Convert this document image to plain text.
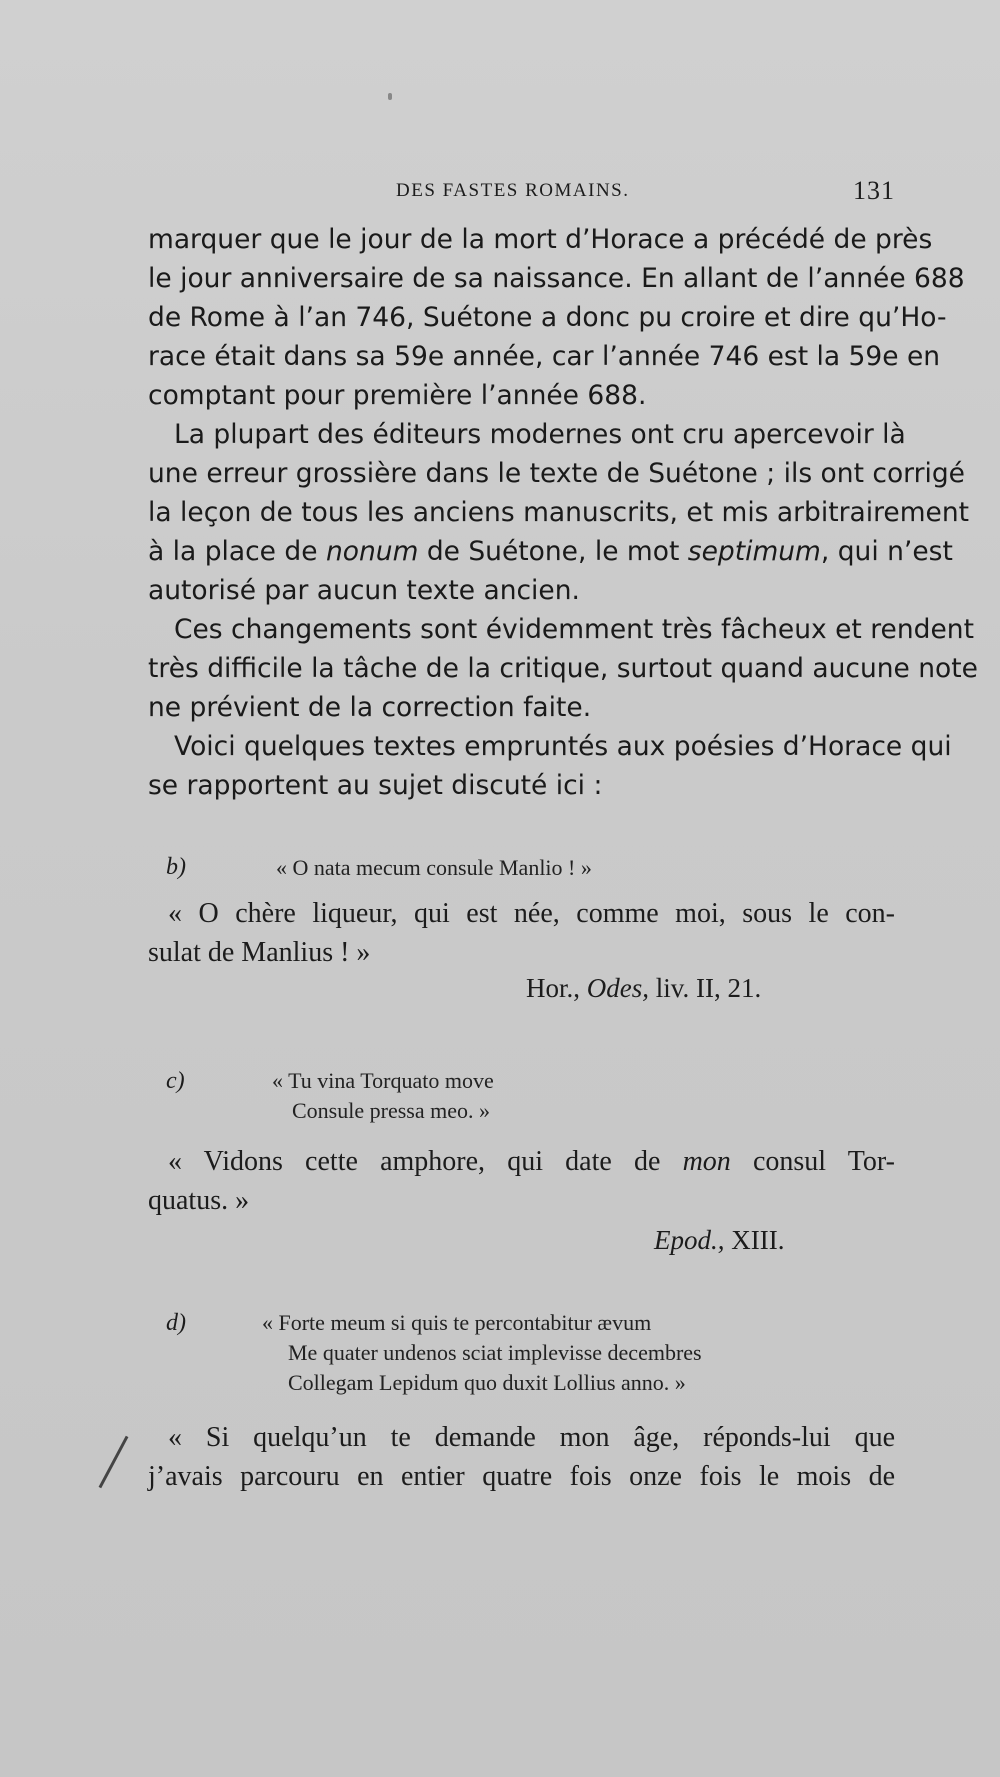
DES FASTES ROMAINS.	131

marquer que le jour de la mort d’Horace a précédé de près
le jour anniversaire de sa naissance. En allant de l’année 688
de Rome à l’an 746, Suétone a donc pu croire et dire qu’Ho-
race était dans sa 59e année, car l’année 746 est la 59e en
comptant pour première l’année 688.

La plupart des éditeurs modernes ont cru apercevoir là
une erreur grossière dans le texte de Suétone ; ils ont corrigé
la leçon de tous les anciens manuscrits, et mis arbitrairement
à la place de nonum de Suétone, le mot septimum, qui n’est
autorisé par aucun texte ancien.

Ces changements sont évidemment très fâcheux et rendent
très difficile la tâche de la critique, surtout quand aucune note
ne prévient de la correction faite.

Voici quelques textes empruntés aux poésies d’Horace qui
se rapportent au sujet discuté ici :

b)	« O nata mecum consule Manlio ! »
« O chère liqueur, qui est née, comme moi, sous le con-
sulat de Manlius ! »
Hor., Odes, liv. II, 21.
c)	« Tu vina Torquato move
Consule pressa meo. »
« Vidons cette amphore, qui date de mon consul Tor-
quatus. »
Epod., XIII.
d)	« Forte meum si quis te percontabitur ævum
Me quater undenos sciat implevisse decembres
Collegam Lepidum quo duxit Lollius anno. »
« Si quelqu’un te demande mon âge, réponds-lui que
j’avais parcouru en entier quatre fois onze fois le mois de
